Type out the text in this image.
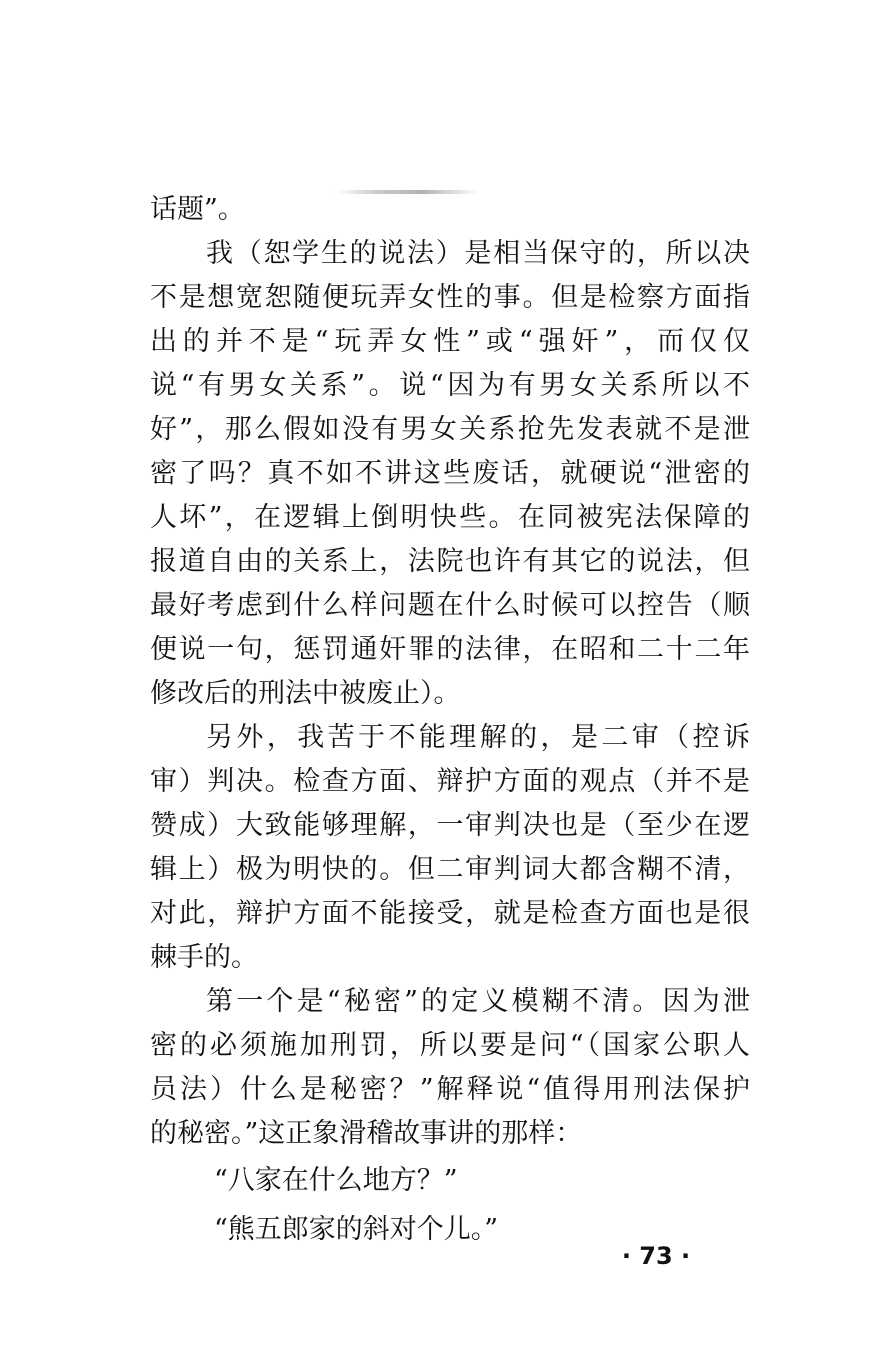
话题”。
我（恕学生的说法）是相当保守的，所以决
不是想宽恕随便玩弄女性的事。但是检察方面指
出的并不是“玩弄女性”或“强奸”，而仅仅
说“有男女关系”。说“因为有男女关系所以不
好”，那么假如没有男女关系抢先发表就不是泄
密了吗？真不如不讲这些废话，就硬说“泄密的
人坏”，在逻辑上倒明快些。在同被宪法保障的
报道自由的关系上，法院也许有其它的说法，但
最好考虑到什么样问题在什么时候可以控告（顺
便说一句，惩罚通奸罪的法律，在昭和二十二年
修改后的刑法中被废止）。
另外，我苦于不能理解的，是二审（控诉
审）判决。检查方面、辩护方面的观点（并不是
赞成）大致能够理解，一审判决也是（至少在逻
辑上）极为明快的。但二审判词大都含糊不清，
对此，辩护方面不能接受，就是检查方面也是很
棘手的。
第一个是“秘密”的定义模糊不清。因为泄
密的必须施加刑罚，所以要是问“（国家公职人
员法）什么是秘密？”解释说“值得用刑法保护
的秘密。”这正象滑稽故事讲的那样：
“八家在什么地方？”
“熊五郎家的斜对个儿。”
· 73 ·
